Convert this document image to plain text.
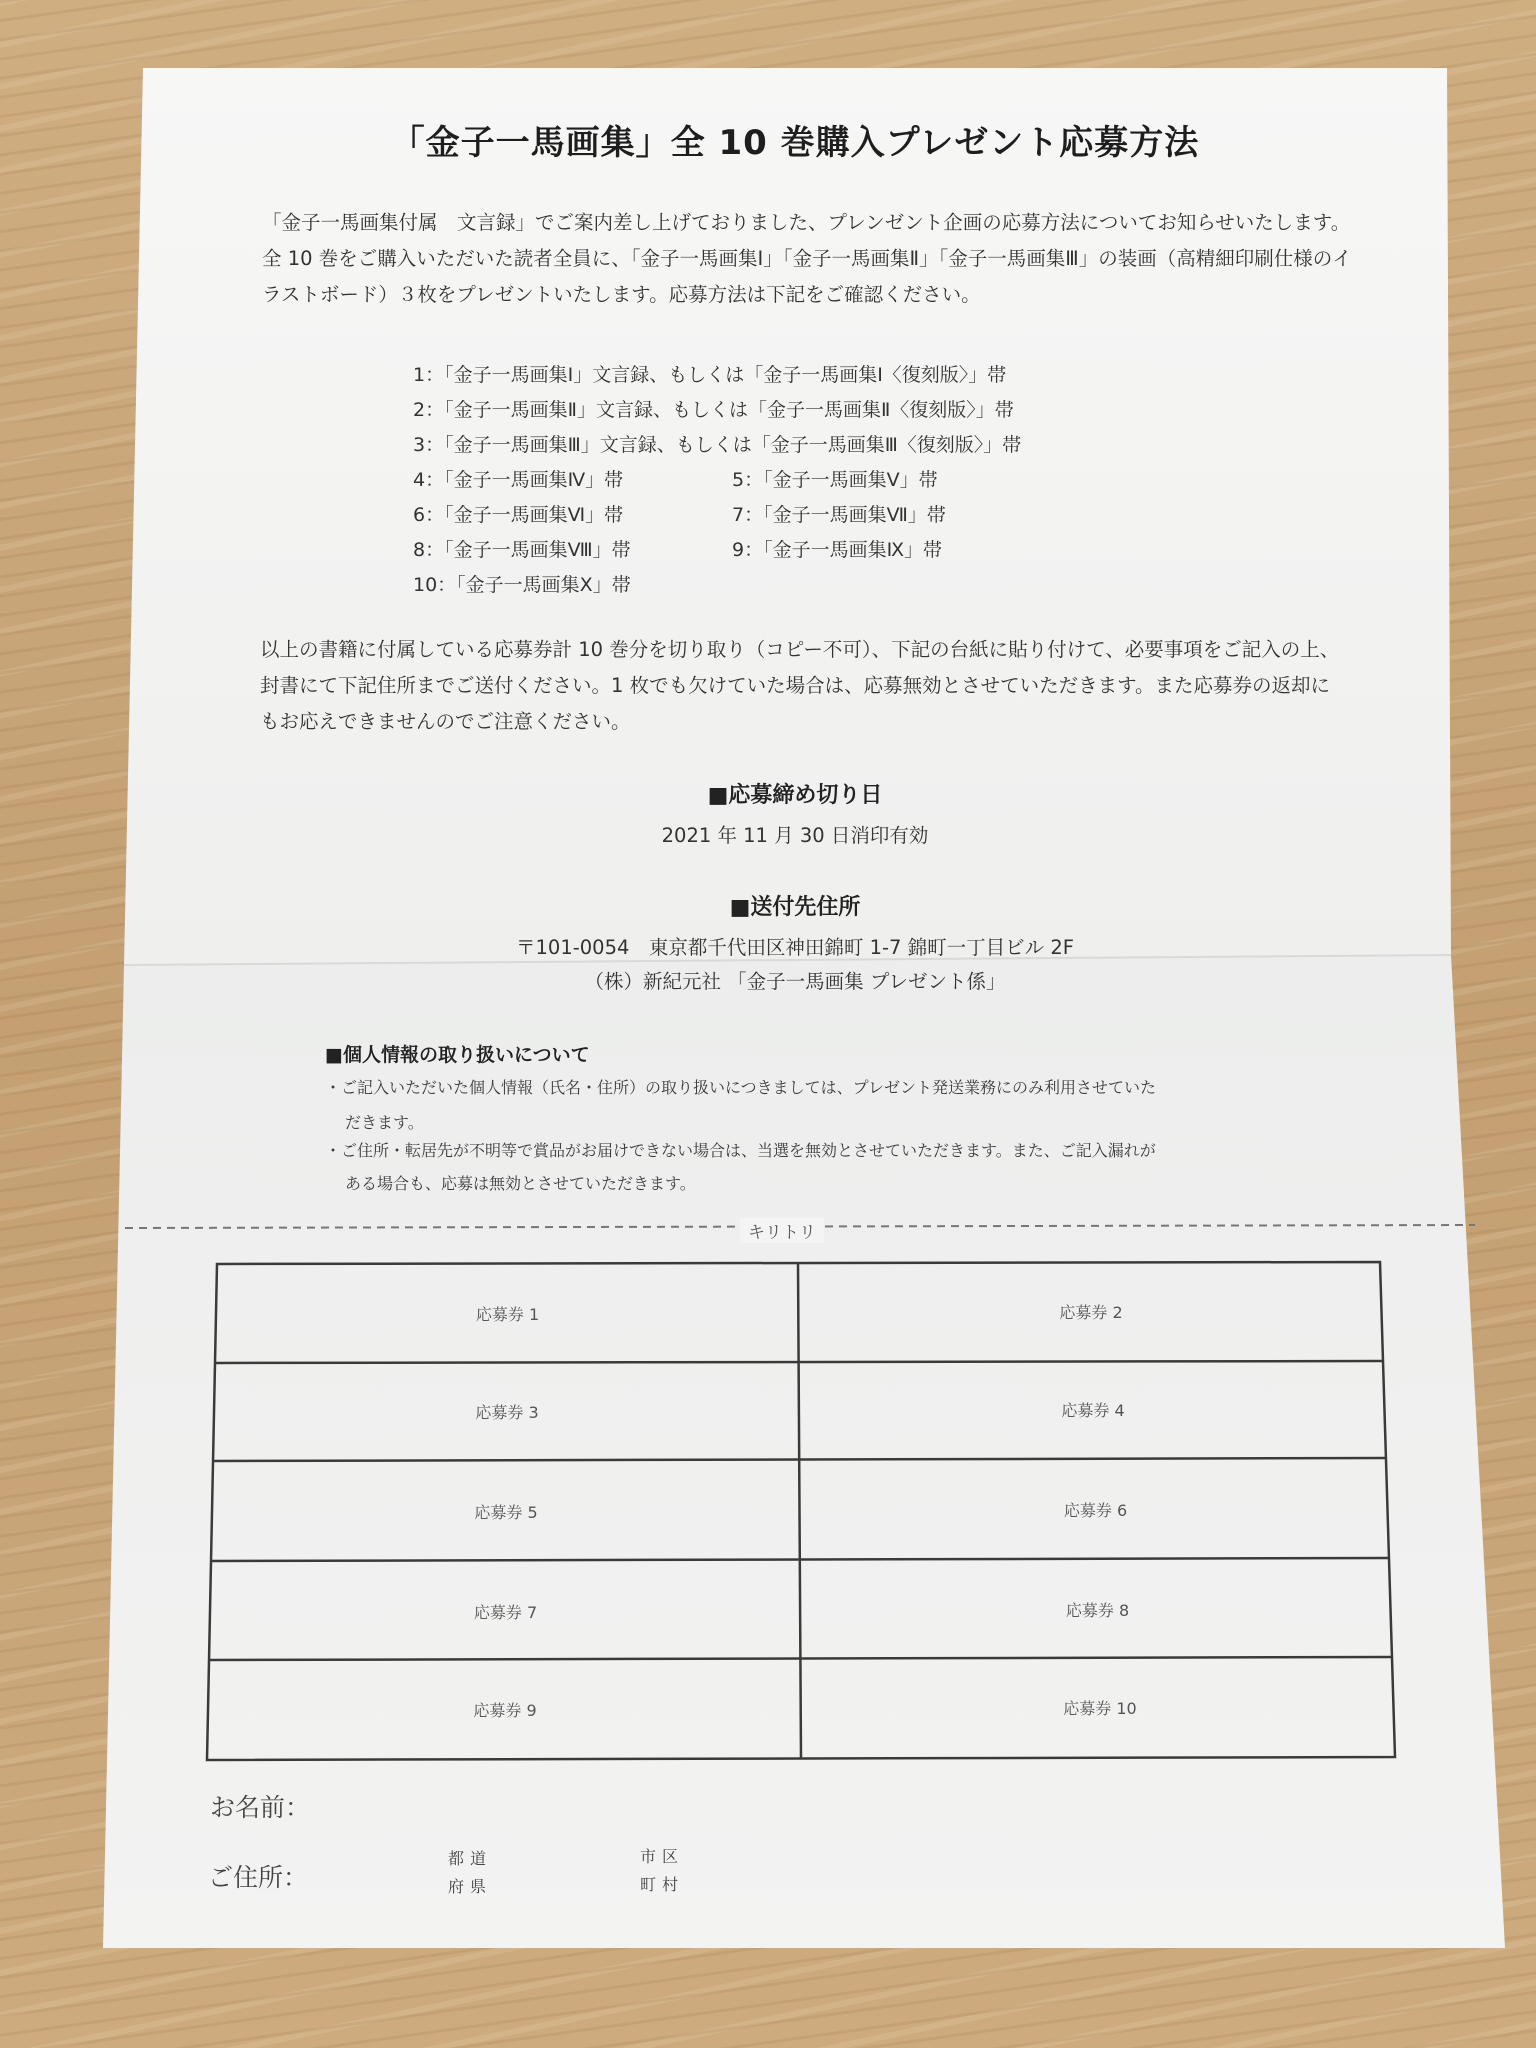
「金子一馬画集」全 10 巻購入プレゼント応募方法
「金子一馬画集付属　文言録」でご案内差し上げておりました、プレンゼント企画の応募方法についてお知らせいたします。全 10 巻をご購入いただいた読者全員に、「金子一馬画集Ⅰ」「金子一馬画集Ⅱ」「金子一馬画集Ⅲ」の装画（高精細印刷仕様のイラストボード）３枚をプレゼントいたします。応募方法は下記をご確認ください。
1：「金子一馬画集Ⅰ」文言録、もしくは「金子一馬画集Ⅰ〈復刻版〉」帯
2：「金子一馬画集Ⅱ」文言録、もしくは「金子一馬画集Ⅱ〈復刻版〉」帯
3：「金子一馬画集Ⅲ」文言録、もしくは「金子一馬画集Ⅲ〈復刻版〉」帯
4：「金子一馬画集Ⅳ」帯	5：「金子一馬画集Ⅴ」帯
6：「金子一馬画集Ⅵ」帯	7：「金子一馬画集Ⅶ」帯
8：「金子一馬画集Ⅷ」帯	9：「金子一馬画集Ⅸ」帯
10：「金子一馬画集Ⅹ」帯
以上の書籍に付属している応募券計 10 巻分を切り取り（コピー不可）、下記の台紙に貼り付けて、必要事項をご記入の上、封書にて下記住所までご送付ください。1 枚でも欠けていた場合は、応募無効とさせていただきます。また応募券の返却にもお応えできませんのでご注意ください。
■応募締め切り日
2021 年 11 月 30 日消印有効
■送付先住所
〒101-0054　東京都千代田区神田錦町 1-7 錦町一丁目ビル 2F
（株）新紀元社 「金子一馬画集 プレゼント係」
■個人情報の取り扱いについて
・ご記入いただいた個人情報（氏名・住所）の取り扱いにつきましては、プレゼント発送業務にのみ利用させていた
だきます。
・ご住所・転居先が不明等で賞品がお届けできない場合は、当選を無効とさせていただきます。また、ご記入漏れが
ある場合も、応募は無効とさせていただきます。
キリトリ
応募券 1	応募券 2
応募券 3	応募券 4
応募券 5	応募券 6
応募券 7	応募券 8
応募券 9	応募券 10
お名前：
ご住所：
都道
府県
市区
町村
